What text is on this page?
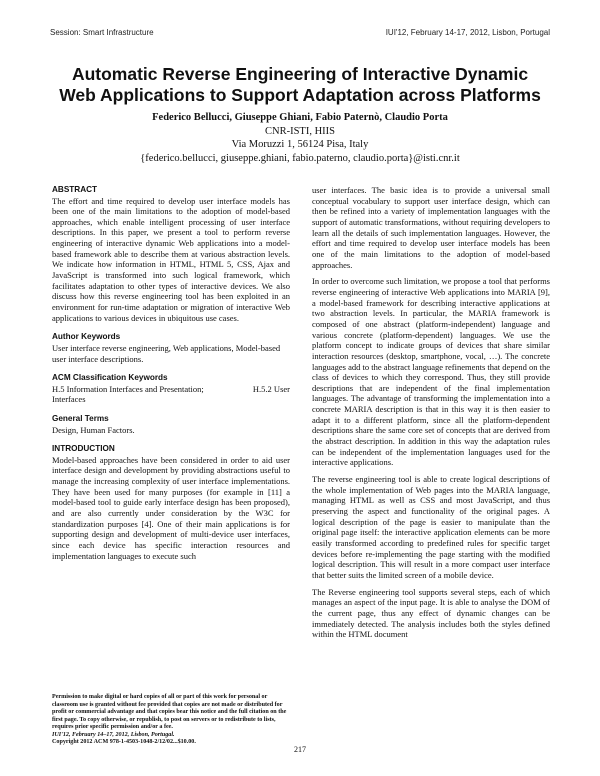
Session: Smart Infrastructure	IUI'12, February 14-17, 2012, Lisbon, Portugal
Automatic Reverse Engineering of Interactive Dynamic
Web Applications to Support Adaptation across Platforms
Federico Bellucci, Giuseppe Ghiani, Fabio Paternò, Claudio Porta
CNR-ISTI, HIIS
Via Moruzzi 1, 56124 Pisa, Italy
{federico.bellucci, giuseppe.ghiani, fabio.paterno, claudio.porta}@isti.cnr.it
ABSTRACT

The effort and time required to develop user interface models has been one of the main limitations to the adoption of model-based approaches, which enable intelligent processing of user interface descriptions. In this paper, we present a tool to perform reverse engineering of interactive dynamic Web applications into a model-based framework able to describe them at various abstraction levels. We indicate how information in HTML, HTML 5, CSS, Ajax and JavaScript is transformed into such logical framework, which facilitates adaptation to other types of interactive devices. We also discuss how this reverse engineering tool has been exploited in an environment for run-time adaptation or migration of interactive Web applications to various devices in ubiquitous use cases.

Author Keywords

User interface reverse engineering, Web applications, Model-based user interface descriptions.

ACM Classification Keywords
H.5 Information Interfaces and Presentation;	H.5.2 User

Interfaces

General Terms

Design, Human Factors.

INTRODUCTION

Model-based approaches have been considered in order to aid user interface design and development by providing abstractions useful to manage the increasing complexity of user interface implementations. They have been used for many purposes (for example in [11] a model-based tool to guide early interface design has been proposed), and are also currently under consideration by the W3C for standardization purposes [4]. One of their main applications is for supporting design and development of multi-device user interfaces, since each device has specific interaction resources and implementation languages to execute such

Permission to make digital or hard copies of all or part of this work for personal or classroom use is granted without fee provided that copies are not made or distributed for profit or commercial advantage and that copies bear this notice and the full citation on the first page. To copy otherwise, or republish, to post on servers or to redistribute to lists, requires prior specific permission and/or a fee.
IUI'12, February 14–17, 2012, Lisbon, Portugal.
Copyright 2012 ACM 978-1-4503-1048-2/12/02...$10.00.

user interfaces. The basic idea is to provide a universal small conceptual vocabulary to support user interface design, which can then be refined into a variety of implementation languages with the support of automatic transformations, without requiring developers to learn all the details of such implementation languages. However, the effort and time required to develop user interface models has been one of the main limitations to the adoption of model-based approaches.

In order to overcome such limitation, we propose a tool that performs reverse engineering of interactive Web applications into MARIA [9], a model-based framework for describing interactive applications at two abstraction levels. In particular, the MARIA framework is composed of one abstract (platform-independent) language and various concrete (platform-dependent) languages. We use the platform concept to indicate groups of devices that share similar interaction resources (desktop, smartphone, vocal, …). The concrete languages add to the abstract language refinements that depend on the class of devices to which they correspond. Thus, they still provide descriptions that are independent of the final implementation languages. The advantage of transforming the implementation into a concrete MARIA description is that in this way it is then easier to adapt it to a different platform, since all the platform-dependent descriptions share the same core set of concepts that are derived from the abstract description. In addition in this way the adaptation rules can be independent of the implementation languages used for the interactive applications.

The reverse engineering tool is able to create logical descriptions of the whole implementation of Web pages into the MARIA language, managing HTML as well as CSS and most JavaScript, and thus preserving the aspect and functionality of the original pages. A logical description of the page is easier to manipulate than the original page itself: the interactive application elements can be more easily transformed according to predefined rules for specific target devices before re-implementing the page starting with the modified logical description. This will result in a more compact user interface that better suits the limited screen of a mobile device.

The Reverse engineering tool supports several steps, each of which manages an aspect of the input page. It is able to analyse the DOM of the current page, thus any effect of dynamic changes can be immediately detected. The analysis includes both the styles defined within the HTML document

217
